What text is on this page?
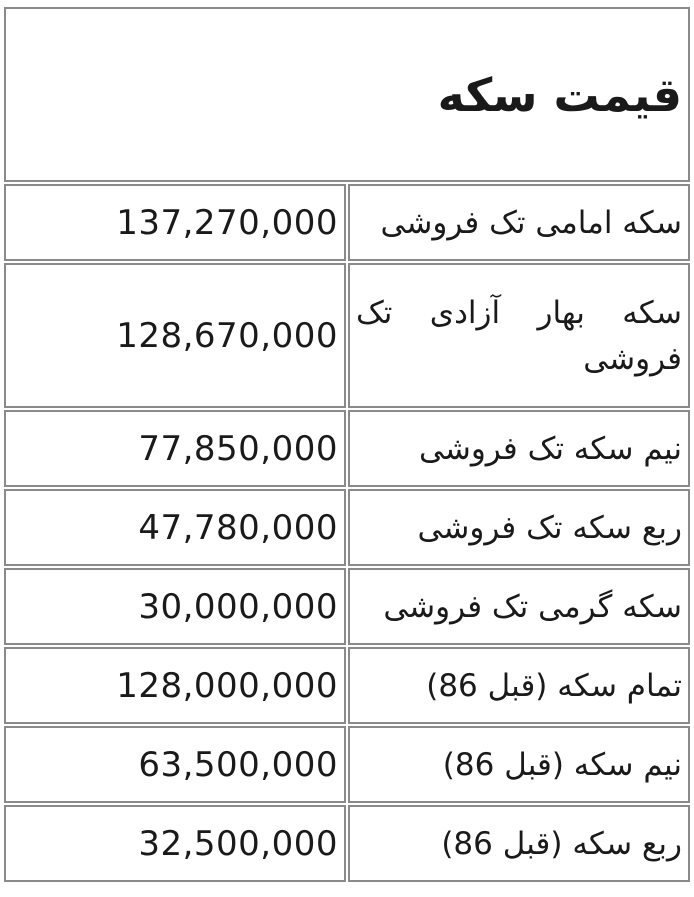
قیمت سکه	
سکه امامی تک فروشی	137,270,000
سکه بهار آزادی تک فروشی	128,670,000
نیم سکه تک فروشی	77,850,000
ربع سکه تک فروشی	47,780,000
سکه گرمی تک فروشی	30,000,000
تمام سکه (قبل 86)	128,000,000
نیم سکه (قبل 86)	63,500,000
ربع سکه (قبل 86)	32,500,000
